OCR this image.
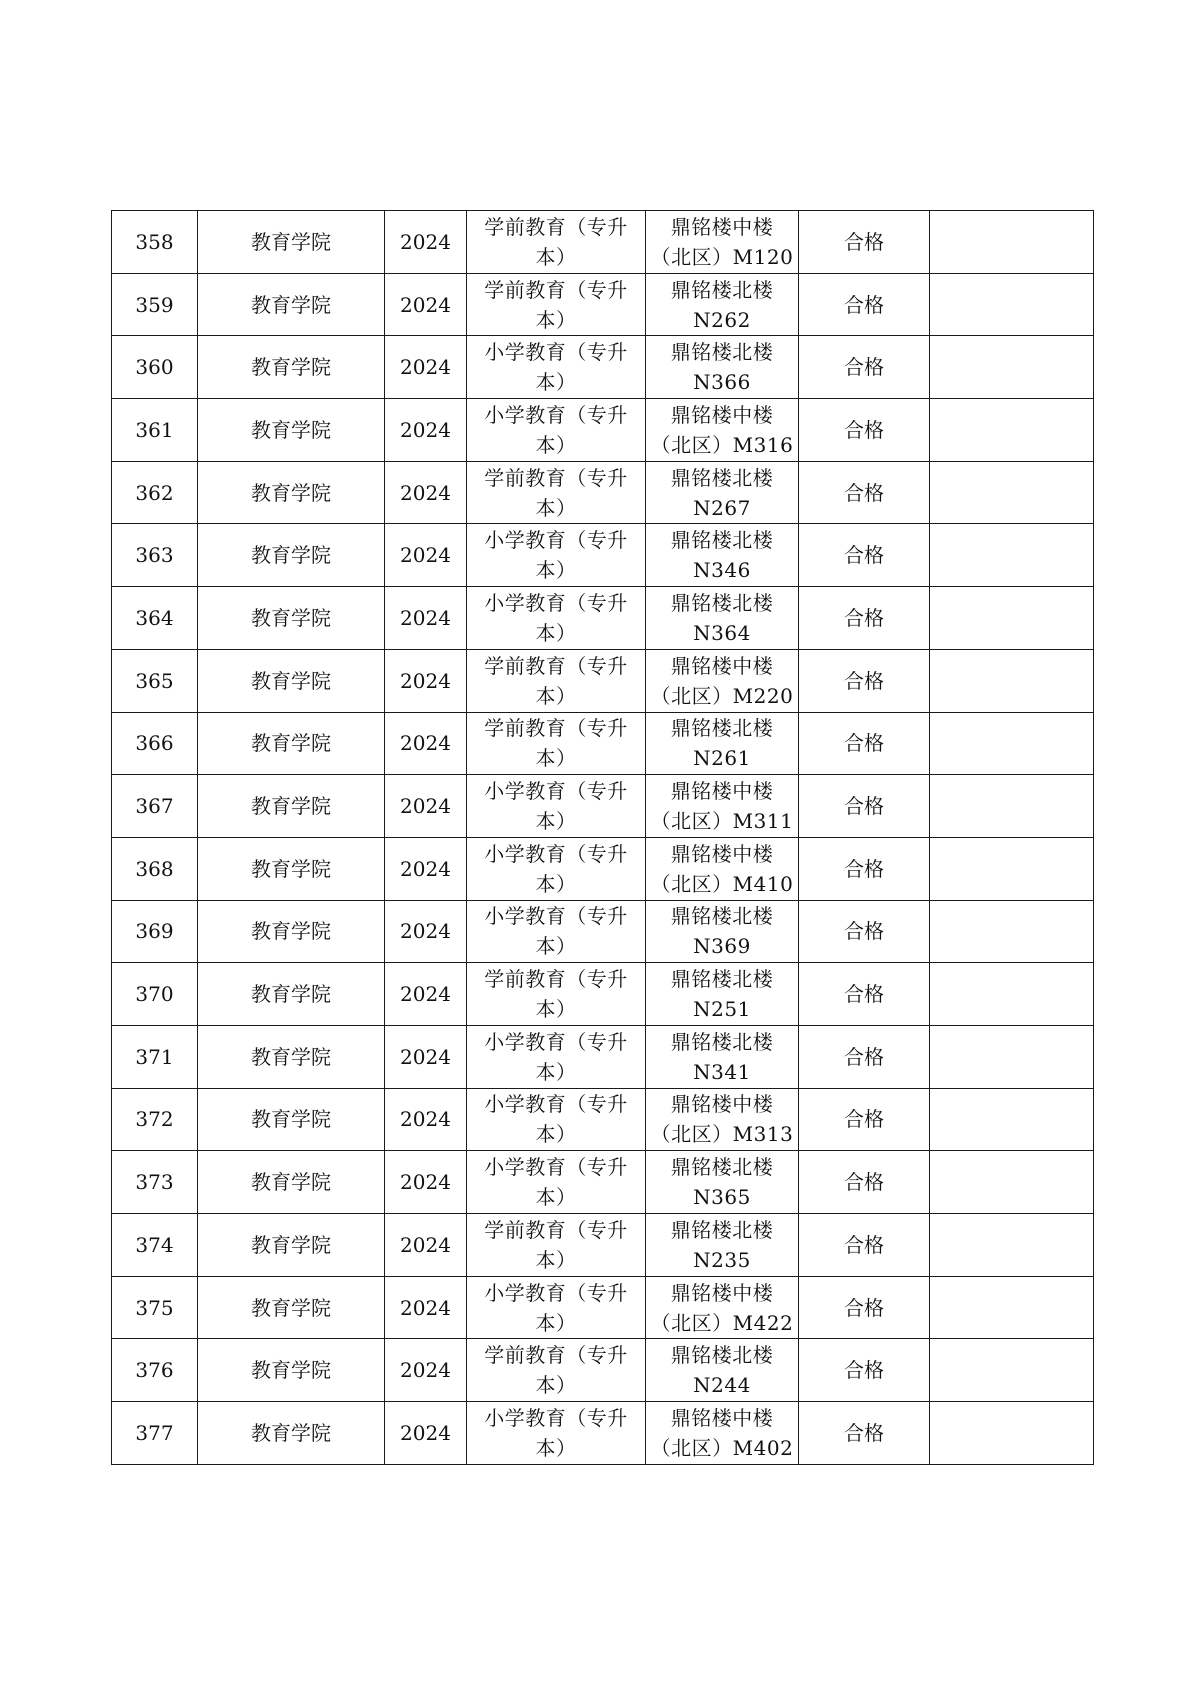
358	教育学院	2024	学前教育（专升
本）	鼎铭楼中楼
（北区）M120	合格	
359	教育学院	2024	学前教育（专升
本）	鼎铭楼北楼
N262	合格	
360	教育学院	2024	小学教育（专升
本）	鼎铭楼北楼
N366	合格	
361	教育学院	2024	小学教育（专升
本）	鼎铭楼中楼
（北区）M316	合格	
362	教育学院	2024	学前教育（专升
本）	鼎铭楼北楼
N267	合格	
363	教育学院	2024	小学教育（专升
本）	鼎铭楼北楼
N346	合格	
364	教育学院	2024	小学教育（专升
本）	鼎铭楼北楼
N364	合格	
365	教育学院	2024	学前教育（专升
本）	鼎铭楼中楼
（北区）M220	合格	
366	教育学院	2024	学前教育（专升
本）	鼎铭楼北楼
N261	合格	
367	教育学院	2024	小学教育（专升
本）	鼎铭楼中楼
（北区）M311	合格	
368	教育学院	2024	小学教育（专升
本）	鼎铭楼中楼
（北区）M410	合格	
369	教育学院	2024	小学教育（专升
本）	鼎铭楼北楼
N369	合格	
370	教育学院	2024	学前教育（专升
本）	鼎铭楼北楼
N251	合格	
371	教育学院	2024	小学教育（专升
本）	鼎铭楼北楼
N341	合格	
372	教育学院	2024	小学教育（专升
本）	鼎铭楼中楼
（北区）M313	合格	
373	教育学院	2024	小学教育（专升
本）	鼎铭楼北楼
N365	合格	
374	教育学院	2024	学前教育（专升
本）	鼎铭楼北楼
N235	合格	
375	教育学院	2024	小学教育（专升
本）	鼎铭楼中楼
（北区）M422	合格	
376	教育学院	2024	学前教育（专升
本）	鼎铭楼北楼
N244	合格	
377	教育学院	2024	小学教育（专升
本）	鼎铭楼中楼
（北区）M402	合格	
